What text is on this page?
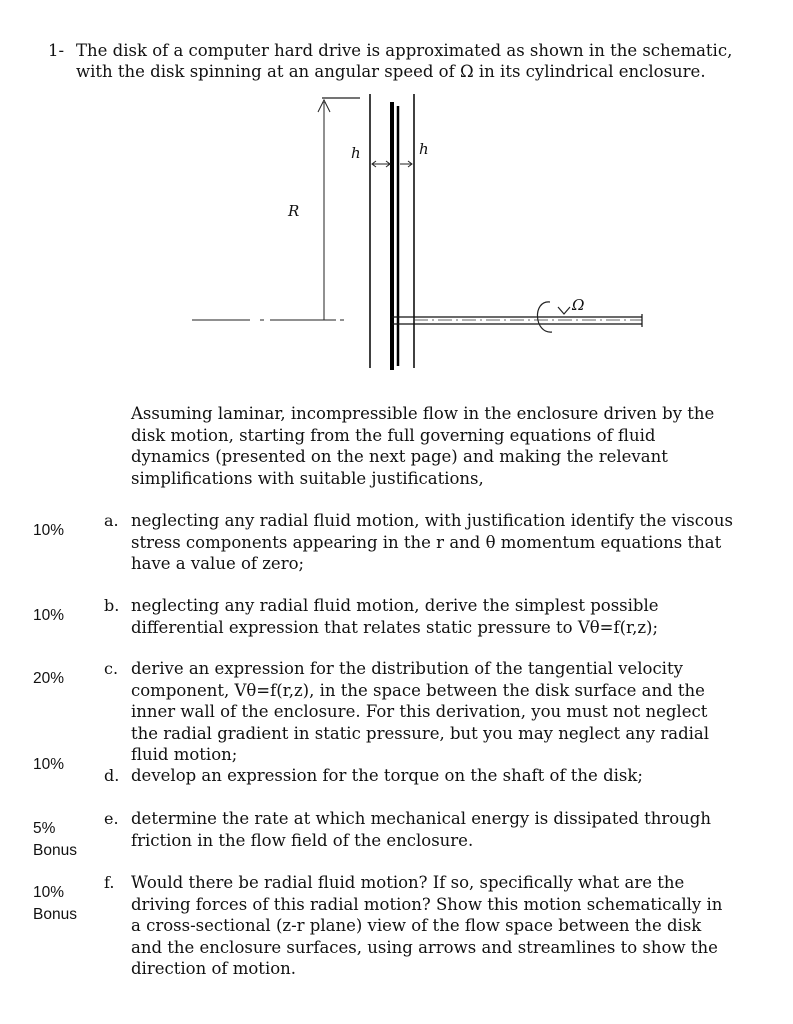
1- The disk of a computer hard drive is approximated as shown in the schematic, with the disk spinning at an angular speed of Ω in its cylindrical enclosure.
R
h	h
Ω
Assuming laminar, incompressible flow in the enclosure driven by the disk motion, starting from the full governing equations of fluid dynamics (presented on the next page) and making the relevant simplifications with suitable justifications,
10%
a. neglecting any radial fluid motion, with justification identify the viscous stress components appearing in the r and θ momentum equations that have a value of zero;
10%
b. neglecting any radial fluid motion, derive the simplest possible differential expression that relates static pressure to Vθ=f(r,z);
20%
c. derive an expression for the distribution of the tangential velocity component, Vθ=f(r,z), in the space between the disk surface and the inner wall of the enclosure. For this derivation, you must not neglect the radial gradient in static pressure, but you may neglect any radial fluid motion;
10%
d. develop an expression for the torque on the shaft of the disk;
5%
Bonus
e. determine the rate at which mechanical energy is dissipated through friction in the flow field of the enclosure.
10%
Bonus
f. Would there be radial fluid motion? If so, specifically what are the driving forces of this radial motion? Show this motion schematically in a cross-sectional (z-r plane) view of the flow space between the disk and the enclosure surfaces, using arrows and streamlines to show the direction of motion.
